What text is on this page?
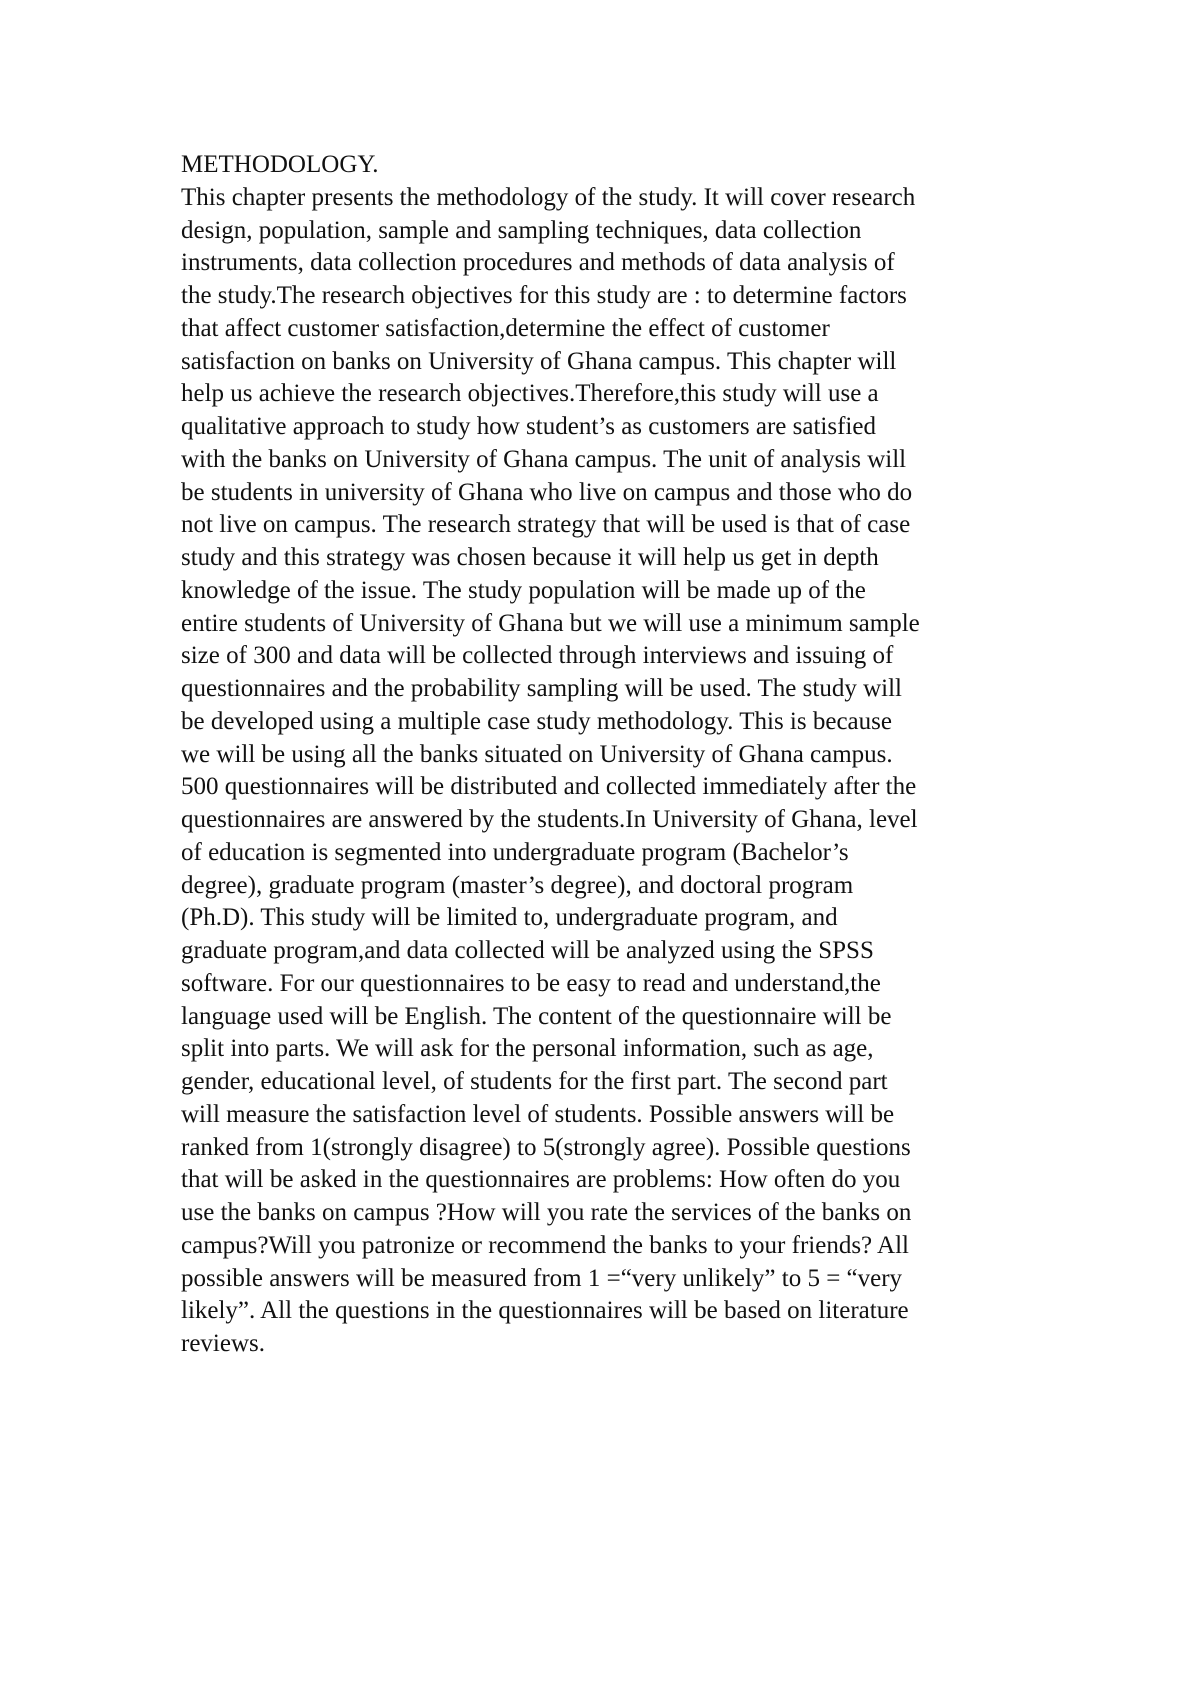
METHODOLOGY.
This chapter presents the methodology of the study. It will cover research
design, population, sample and sampling techniques, data collection
instruments, data collection procedures and methods of data analysis of
the study.The research objectives for this study are : to determine factors
that affect customer satisfaction,determine the effect of customer
satisfaction on banks on University of Ghana campus. This chapter will
help us achieve the research objectives.Therefore,this study will use a
qualitative approach to study how student’s as customers are satisfied
with the banks on University of Ghana campus. The unit of analysis will
be students in university of Ghana who live on campus and those who do
not live on campus. The research strategy that will be used is that of case
study and this strategy was chosen because it will help us get in depth
knowledge of the issue. The study population will be made up of the
entire students of University of Ghana but we will use a minimum sample
size of 300 and data will be collected through interviews and issuing of
questionnaires and the probability sampling will be used. The study will
be developed using a multiple case study methodology. This is because
we will be using all the banks situated on University of Ghana campus.
500 questionnaires will be distributed and collected immediately after the
questionnaires are answered by the students.In University of Ghana, level
of education is segmented into undergraduate program (Bachelor’s
degree), graduate program (master’s degree), and doctoral program
(Ph.D). This study will be limited to, undergraduate program, and
graduate program,and data collected will be analyzed using the SPSS
software. For our questionnaires to be easy to read and understand,the
language used will be English. The content of the questionnaire will be
split into parts. We will ask for the personal information, such as age,
gender, educational level, of students for the first part. The second part
will measure the satisfaction level of students. Possible answers will be
ranked from 1(strongly disagree) to 5(strongly agree). Possible questions
that will be asked in the questionnaires are problems: How often do you
use the banks on campus ?How will you rate the services of the banks on
campus?Will you patronize or recommend the banks to your friends? All
possible answers will be measured from 1 =“very unlikely” to 5 = “very
likely”. All the questions in the questionnaires will be based on literature
reviews.
